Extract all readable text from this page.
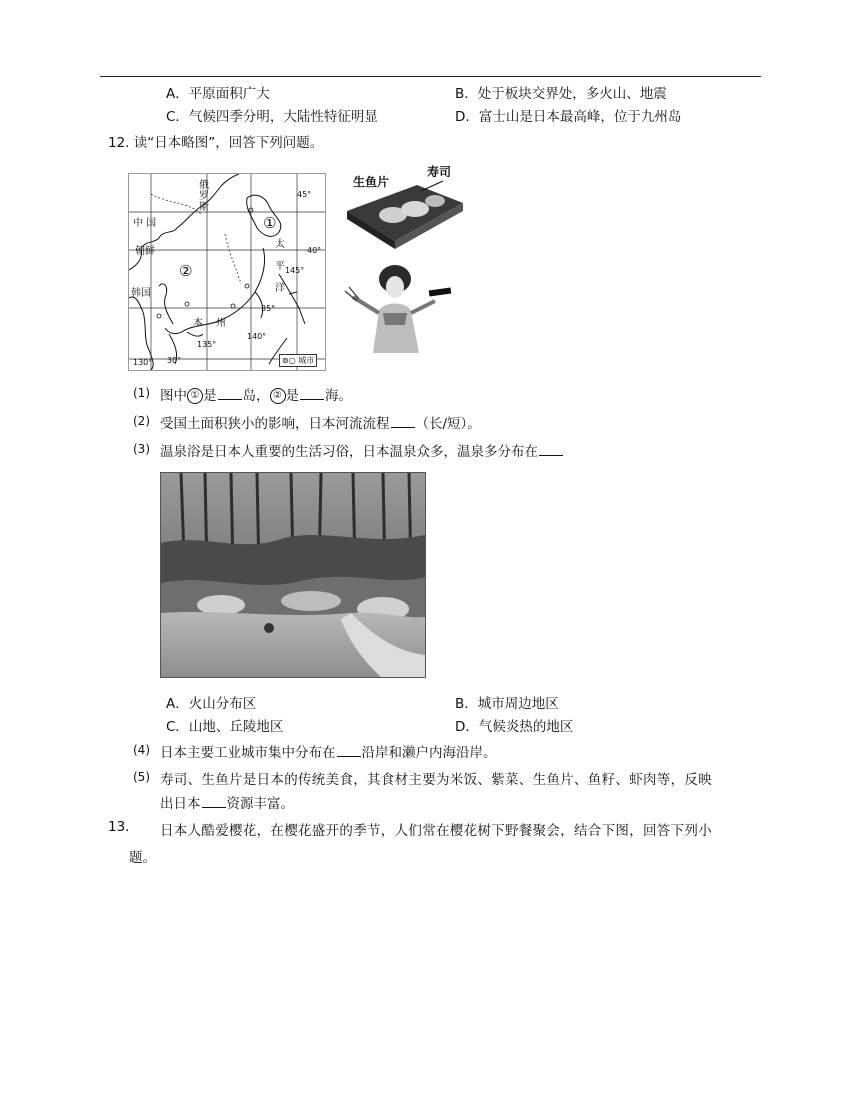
A．平原面积广大	B．处于板块交界处，多火山、地震
C．气候四季分明，大陆性特征明显	D．富士山是日本最高峰，位于九州岛
12. 读“日本略图”，回答下列问题。
俄
罗
斯
中 国
朝鲜
韩国
①
②
太
平
洋
本 州
45°
40°
35°
30°
130°
135°
140°
145°
⊚○ 城市
生鱼片
寿司
(1) 图中 ① 是 岛， ② 是 海。
(2) 受国土面积狭小的影响，日本河流流程 （长/短）。
(3) 温泉浴是日本人重要的生活习俗，日本温泉众多，温泉多分布在
A．火山分布区	B．城市周边地区
C．山地、丘陵地区	D．气候炎热的地区
(4) 日本主要工业城市集中分布在 沿岸和濑户内海沿岸。
(5) 寿司、生鱼片是日本的传统美食，其食材主要为米饭、紫菜、生鱼片、鱼籽、虾肉等，反映
出日本 资源丰富。
13. 日本人酷爱樱花，在樱花盛开的季节，人们常在樱花树下野餐聚会，结合下图，回答下列小
题。
